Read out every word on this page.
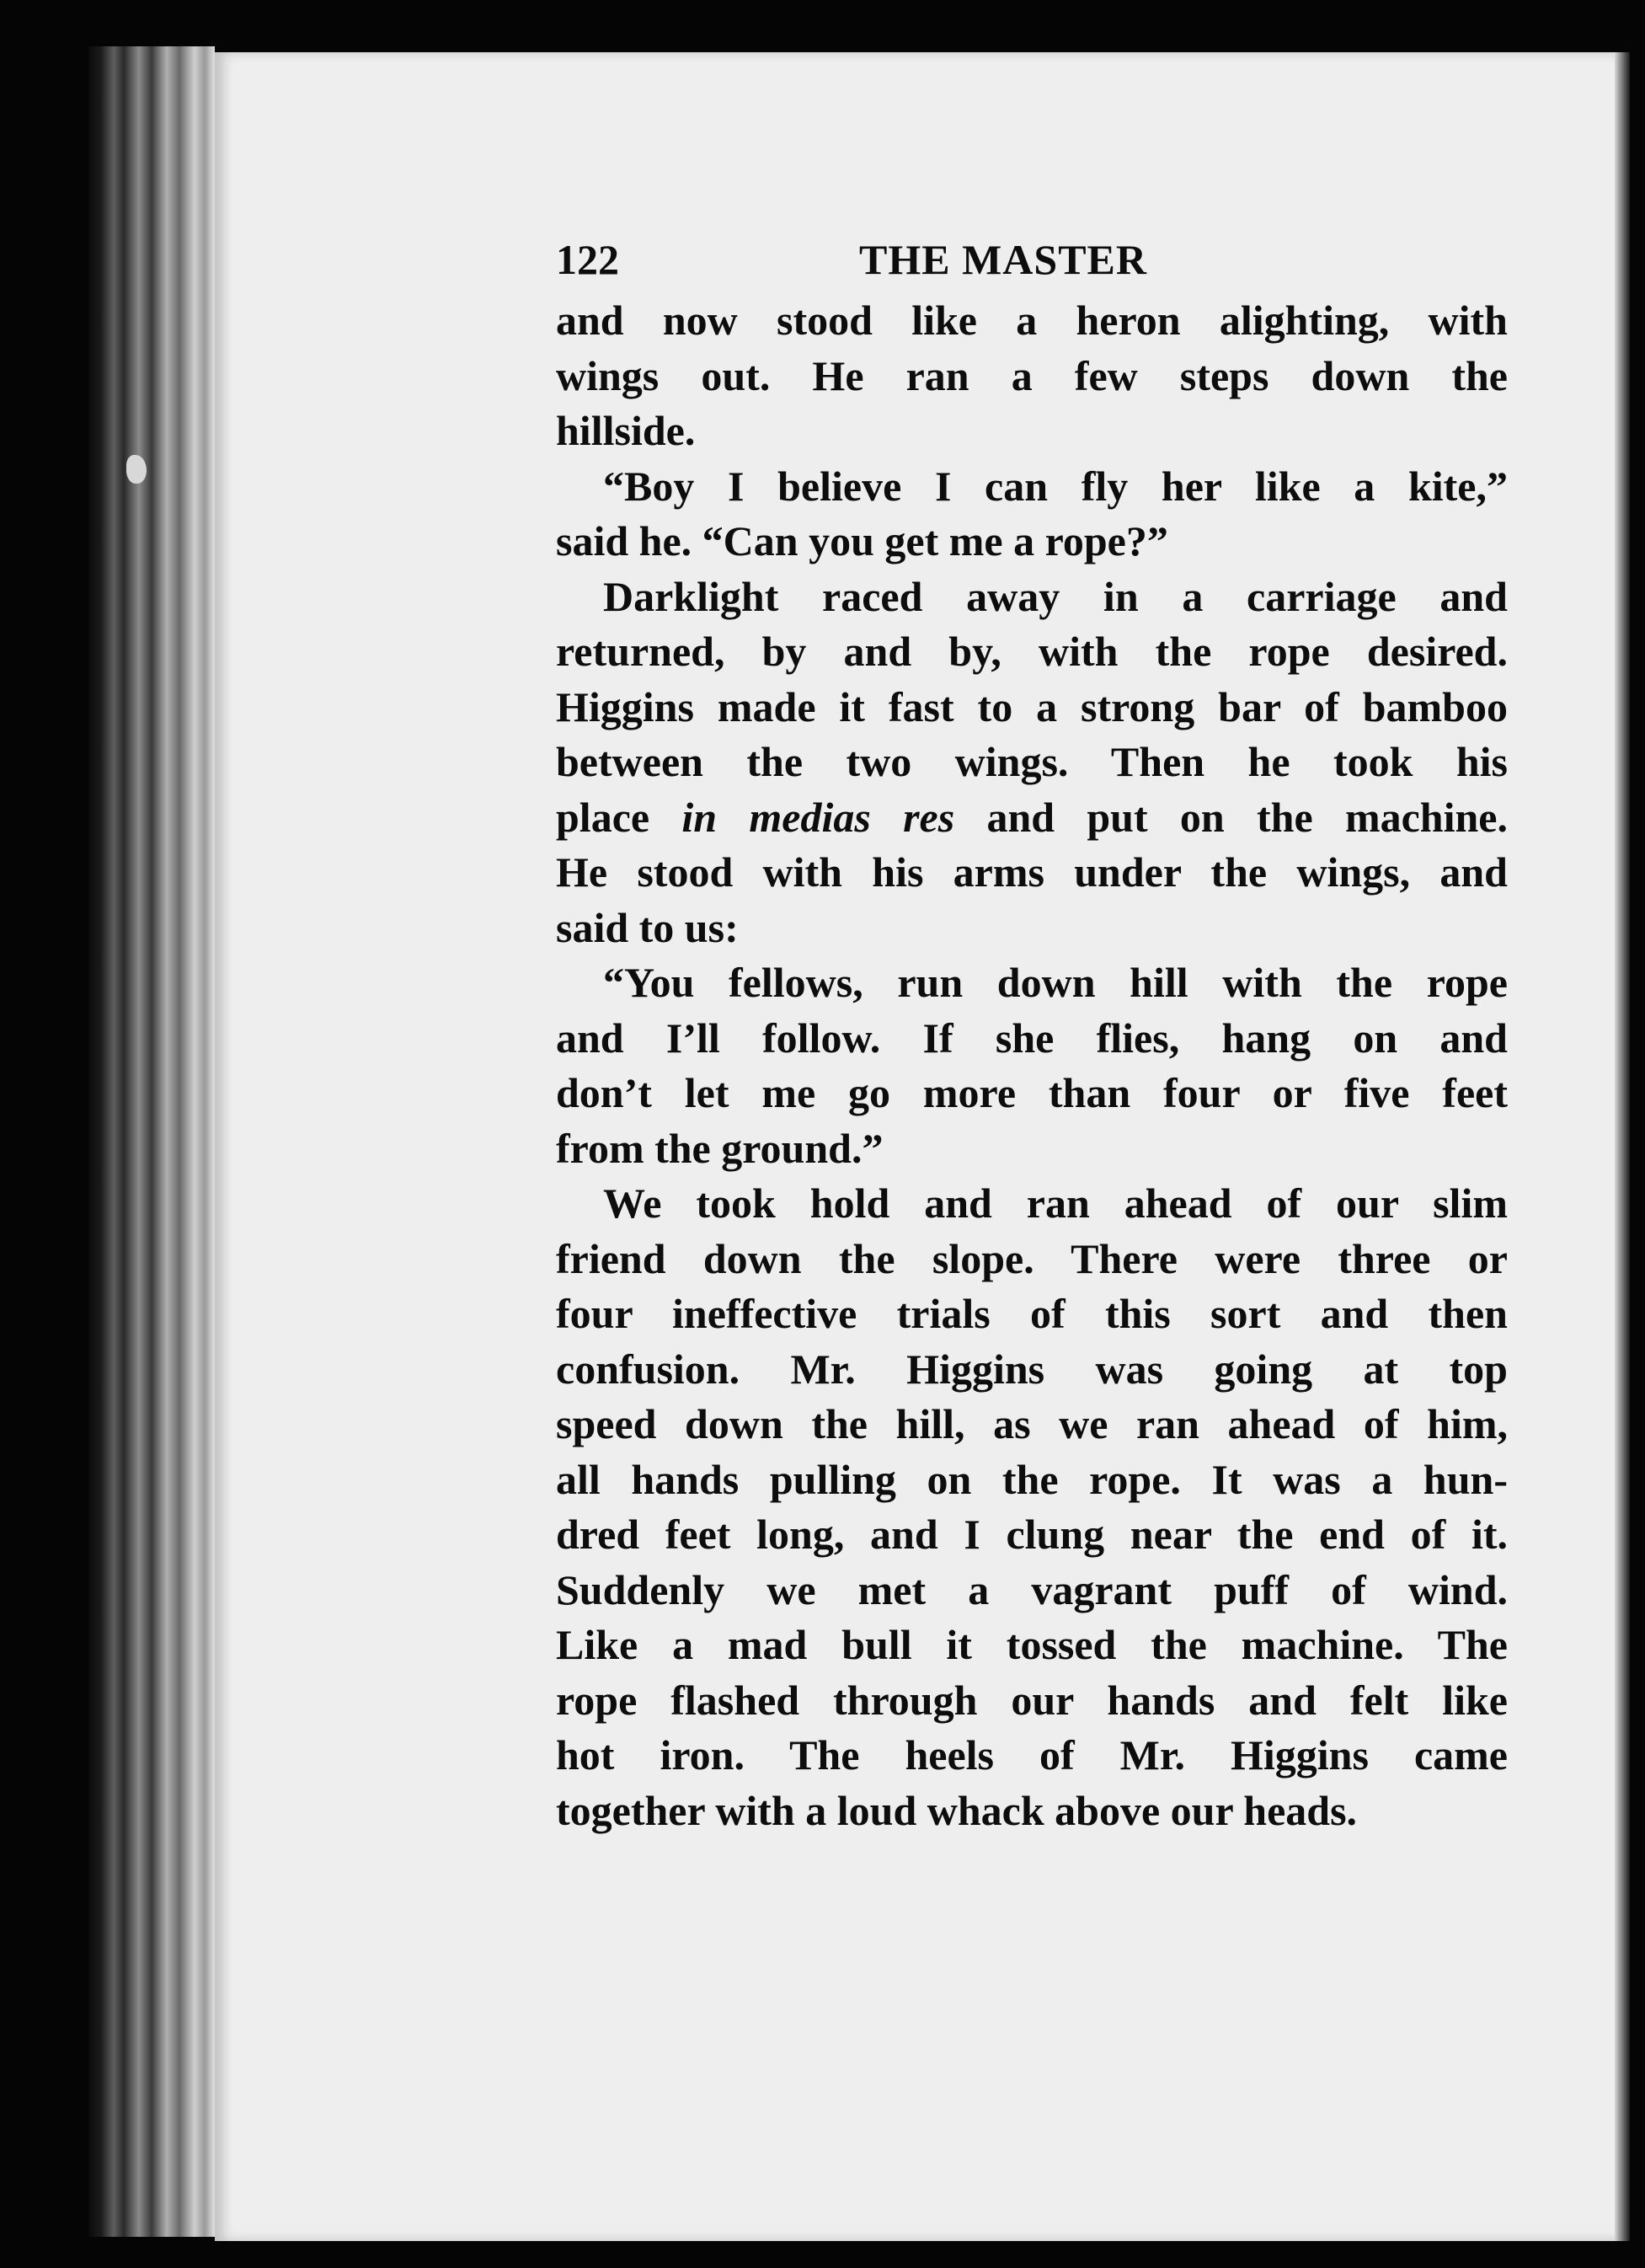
122	THE MASTER
and now stood like a heron alighting, with
wings out. He ran a few steps down the
hillside.
“Boy I believe I can fly her like a kite,”
said he. “Can you get me a rope?”
Darklight raced away in a carriage and
returned, by and by, with the rope desired.
Higgins made it fast to a strong bar of bamboo
between the two wings. Then he took his
place in medias res and put on the machine.
He stood with his arms under the wings, and
said to us:
“You fellows, run down hill with the rope
and I’ll follow. If she flies, hang on and
don’t let me go more than four or five feet
from the ground.”
We took hold and ran ahead of our slim
friend down the slope. There were three or
four ineffective trials of this sort and then
confusion. Mr. Higgins was going at top
speed down the hill, as we ran ahead of him,
all hands pulling on the rope. It was a hun-
dred feet long, and I clung near the end of it.
Suddenly we met a vagrant puff of wind.
Like a mad bull it tossed the machine. The
rope flashed through our hands and felt like
hot iron. The heels of Mr. Higgins came
together with a loud whack above our heads.
